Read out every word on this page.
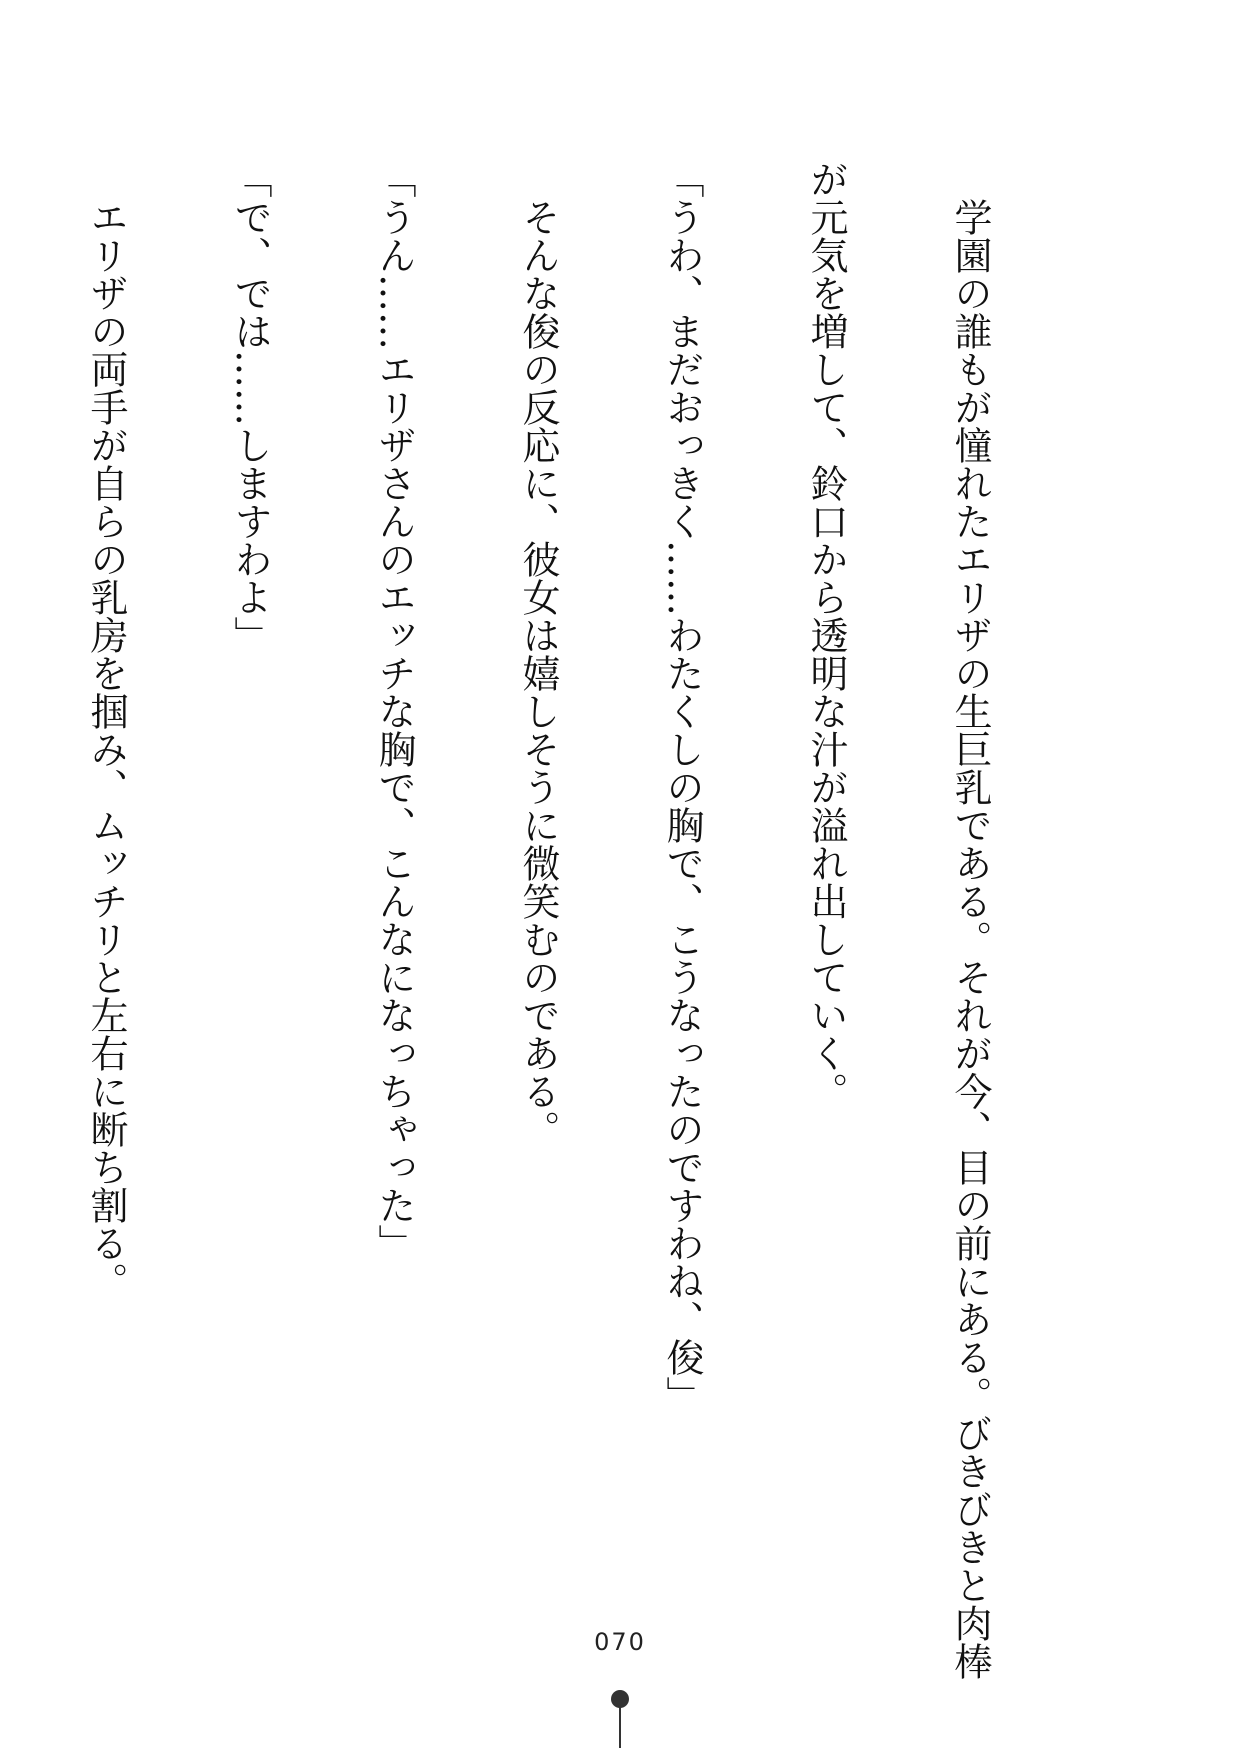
　学園の誰もが憧れたエリザの生巨乳である。それが今、目の前にある。びきびきと肉棒

が元気を増して、鈴口から透明な汁が溢れ出していく。

「うわ、まだおっきく……わたくしの胸で、こうなったのですわね、俊」

　そんな俊の反応に、彼女は嬉しそうに微笑むのである。

「うん……エリザさんのエッチな胸で、こんなになっちゃった」

「で、では……しますわよ」

　エリザの両手が自らの乳房を掴み、ムッチリと左右に断ち割る。

070
